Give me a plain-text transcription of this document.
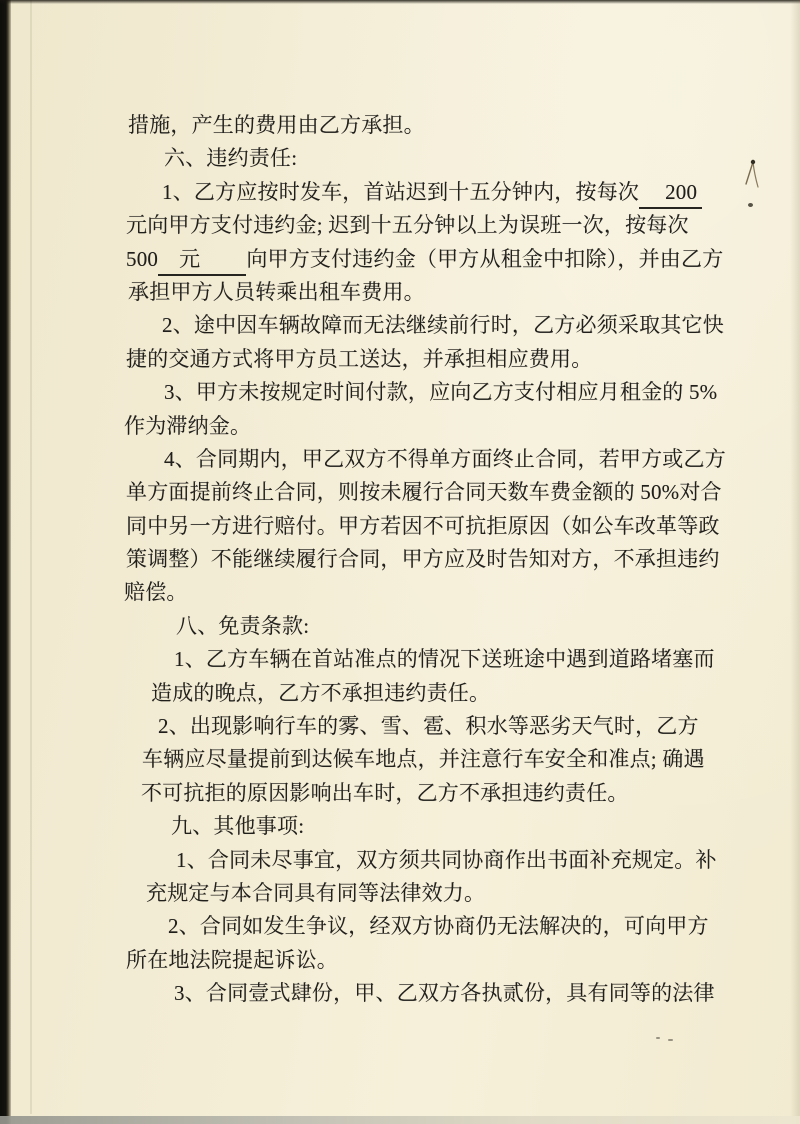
措施，产生的费用由乙方承担。
六、违约责任:
1、乙方应按时发车，首站迟到十五分钟内，按每次 200
元向甲方支付违约金; 迟到十五分钟以上为误班一次，按每次
500 元 向甲方支付违约金（甲方从租金中扣除），并由乙方
承担甲方人员转乘出租车费用。
2、途中因车辆故障而无法继续前行时，乙方必须采取其它快
捷的交通方式将甲方员工送达，并承担相应费用。
3、甲方未按规定时间付款，应向乙方支付相应月租金的 5%
作为滞纳金。
4、合同期内，甲乙双方不得单方面终止合同，若甲方或乙方
单方面提前终止合同，则按未履行合同天数车费金额的 50%对合
同中另一方进行赔付。甲方若因不可抗拒原因（如公车改革等政
策调整）不能继续履行合同，甲方应及时告知对方，不承担违约
赔偿。
八、免责条款:
1、乙方车辆在首站准点的情况下送班途中遇到道路堵塞而
造成的晚点，乙方不承担违约责任。
2、出现影响行车的雾、雪、雹、积水等恶劣天气时，乙方
车辆应尽量提前到达候车地点，并注意行车安全和准点; 确遇
不可抗拒的原因影响出车时，乙方不承担违约责任。
九、其他事项:
1、合同未尽事宜，双方须共同协商作出书面补充规定。补
充规定与本合同具有同等法律效力。
2、合同如发生争议，经双方协商仍无法解决的，可向甲方
所在地法院提起诉讼。
3、合同壹式肆份，甲、乙双方各执贰份，具有同等的法律
